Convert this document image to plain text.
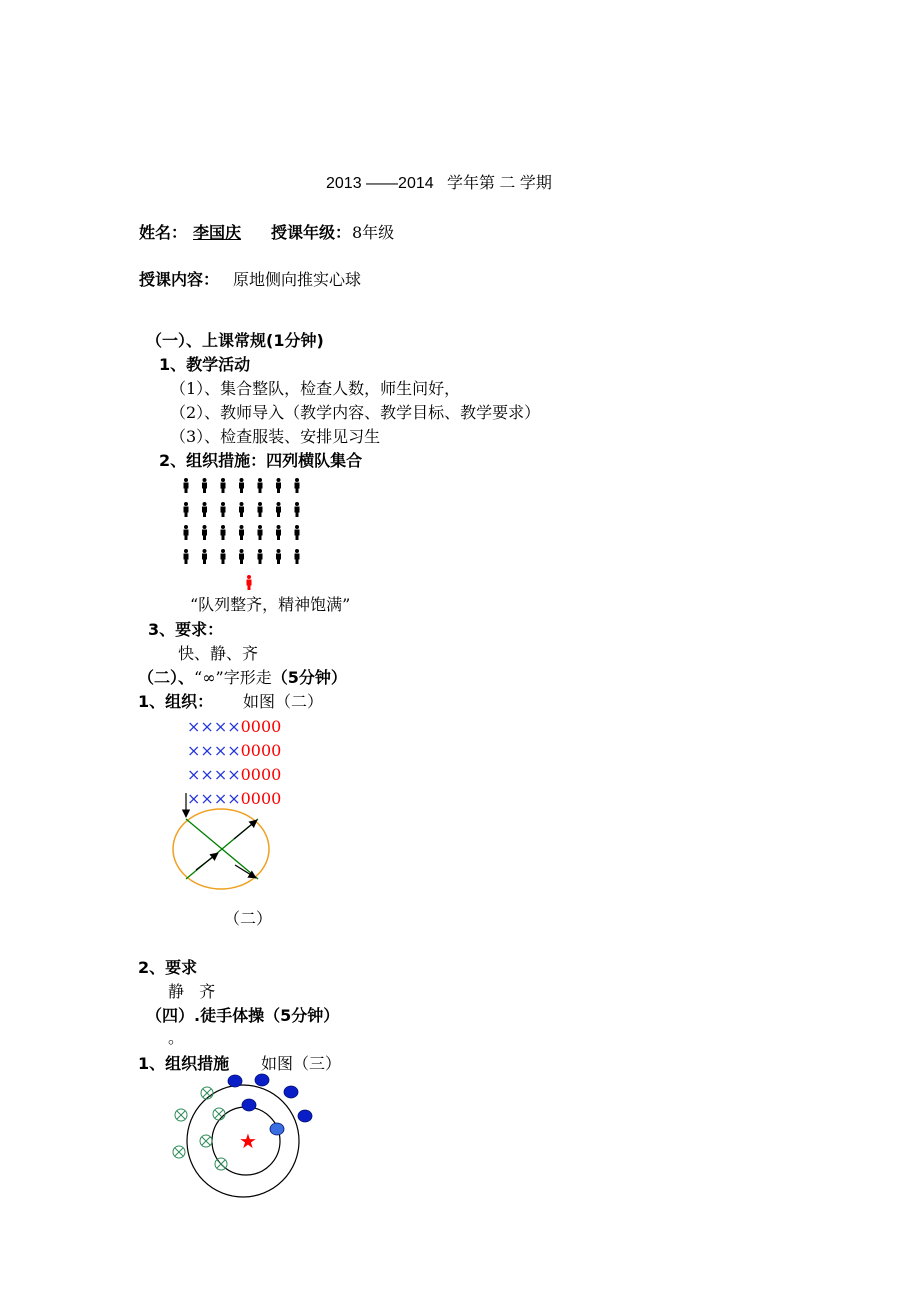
2013 ——2014   学年第 二 学期
姓名： 李国庆	授课年级： 8年级
授课内容： 原地侧向推实心球
（一）、上课常规(1分钟)
1、教学活动
（1）、集合整队，检查人数，师生问好，
（2）、教师导入（教学内容、教学目标、教学要求）
（3）、检查服装、安排见习生
2、组织措施：四列横队集合
“队列整齐，精神饱满”
3、要求：
快、静、齐
（二）、“∞”字形走（5分钟）
1、组织： 如图（二）
××××0000
××××0000
××××0000
××××0000
（二）
2、要求
静   齐
（四）.徒手体操（5分钟）
。
1、组织措施 如图（三）
★
